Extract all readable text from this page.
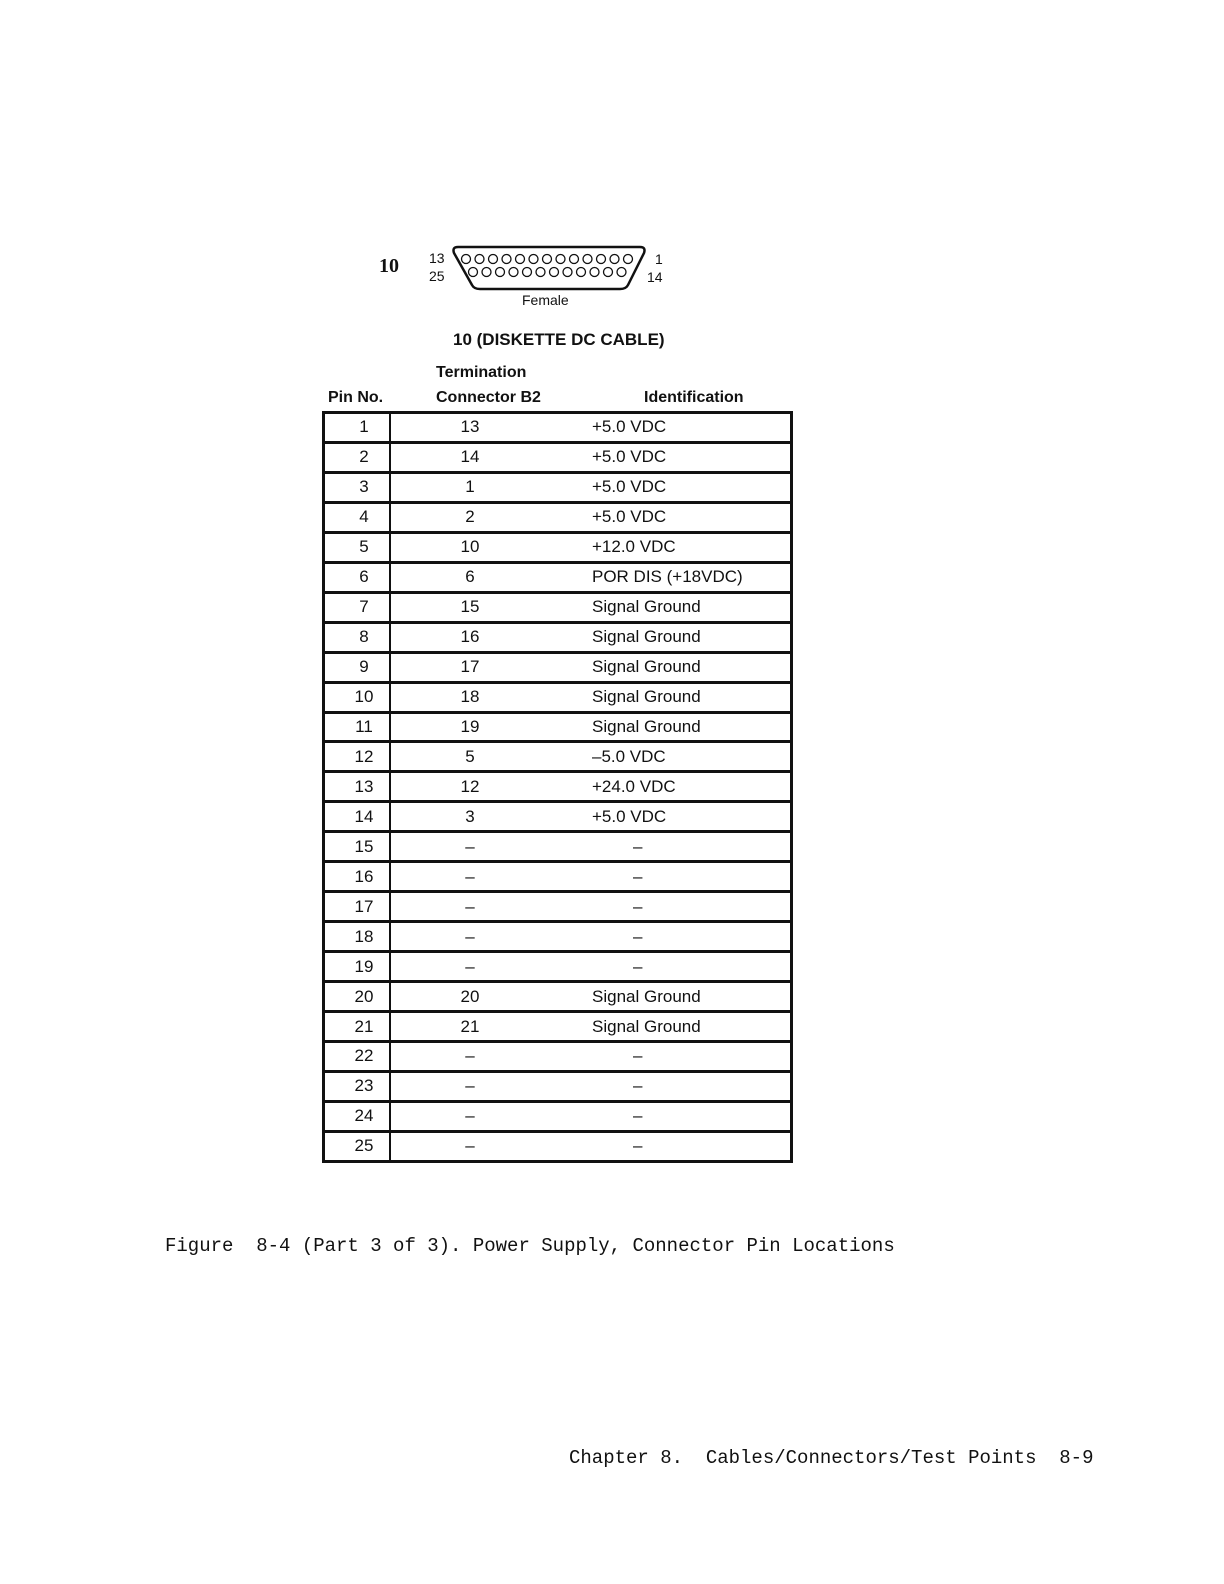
10 13
25
1
14
Female
10 (DISKETTE DC CABLE)
Termination
Pin No.	Connector B2	Identification
1	13	+5.0 VDC
2	14	+5.0 VDC
3	1	+5.0 VDC
4	2	+5.0 VDC
5	10	+12.0 VDC
6	6	POR DIS (+18VDC)
7	15	Signal Ground
8	16	Signal Ground
9	17	Signal Ground
10	18	Signal Ground
11	19	Signal Ground
12	5	–5.0 VDC
13	12	+24.0 VDC
14	3	+5.0 VDC
15	–	–
16	–	–
17	–	–
18	–	–
19	–	–
20	20	Signal Ground
21	21	Signal Ground
22	–	–
23	–	–
24	–	–
25	–	–
Figure  8-4 (Part 3 of 3). Power Supply, Connector Pin Locations
Chapter 8.  Cables/Connectors/Test Points  8-9
